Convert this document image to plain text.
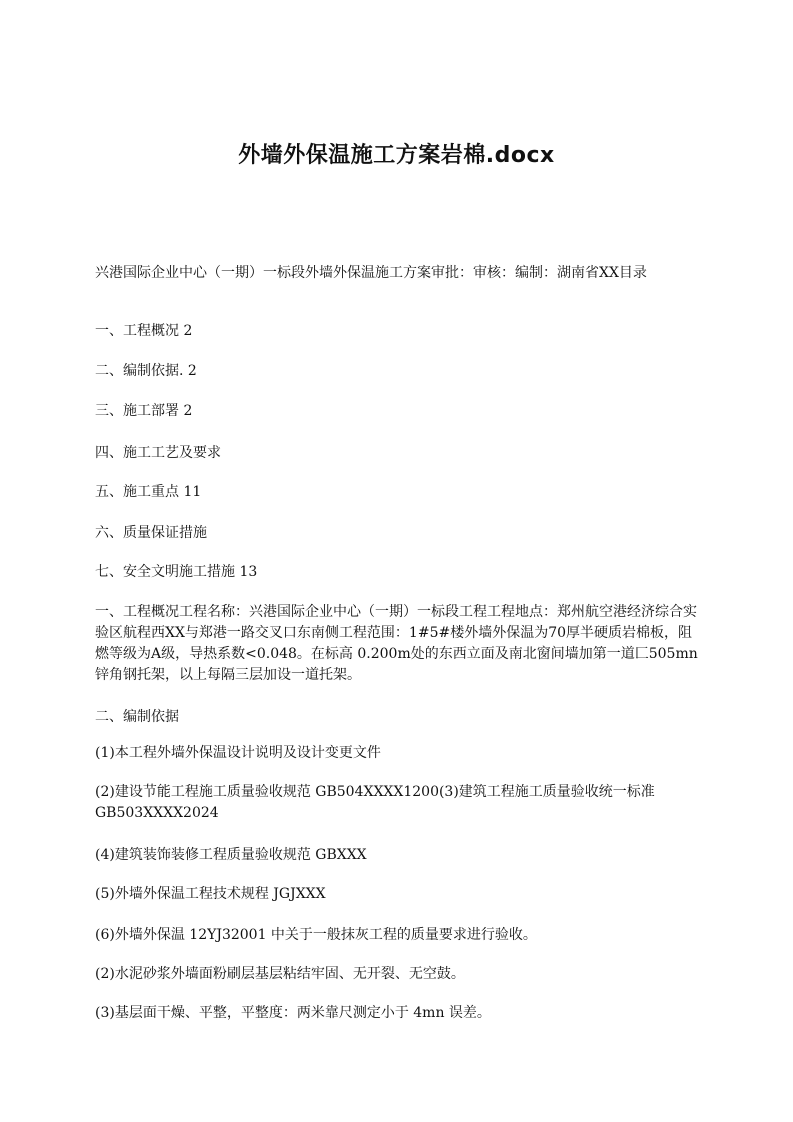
外墙外保温施工方案岩棉.docx

兴港国际企业中心（一期）一标段外墙外保温施工方案审批：审核：编制：湖南省XX目录

一、工程概况 2

二、编制依据. 2

三、施工部署 2

四、施工工艺及要求

五、施工重点 11

六、质量保证措施

七、安全文明施工措施 13

一、工程概况工程名称：兴港国际企业中心（一期）一标段工程工程地点：郑州航空港经济综合实验区航程西XX与郑港一路交叉口东南侧工程范围：1#5#楼外墙外保温为70厚半硬质岩棉板，阻燃等级为A级，导热系数<0.048。在标高 0.200m处的东西立面及南北窗间墙加第一道匚505mn锌角钢托架，以上每隔三层加设一道托架。

二、编制依据

(1)本工程外墙外保温设计说明及设计变更文件

(2)建设节能工程施工质量验收规范 GB504XXXX1200(3)建筑工程施工质量验收统一标准 GB503XXXX2024

(4)建筑装饰装修工程质量验收规范 GBXXX

(5)外墙外保温工程技术规程 JGJXXX

(6)外墙外保温 12YJ32001 中关于一般抹灰工程的质量要求进行验收。

(2)水泥砂浆外墙面粉刷层基层粘结牢固、无开裂、无空鼓。

(3)基层面干燥、平整，平整度：两米靠尺测定小于 4mn 误差。
